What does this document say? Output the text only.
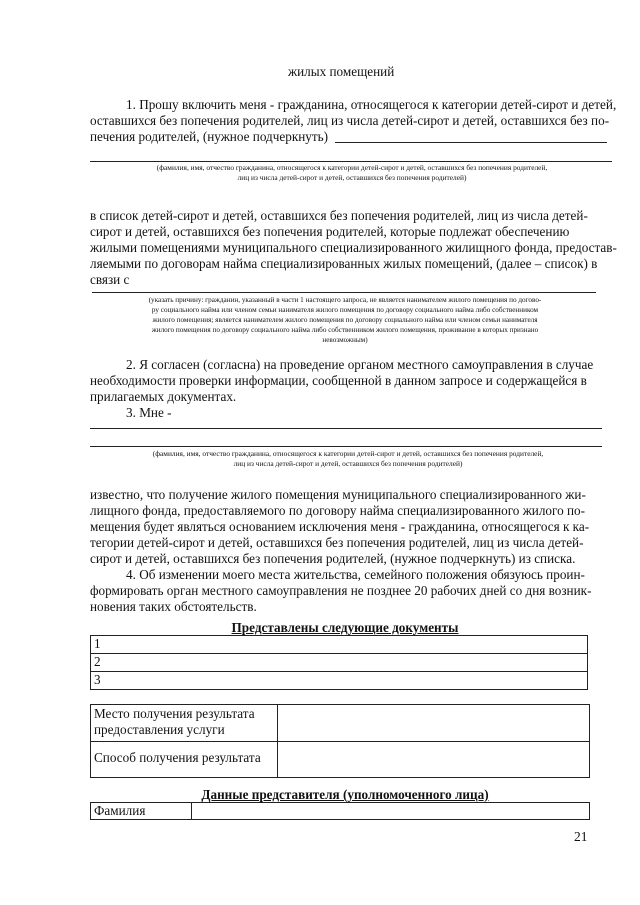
жилых помещений
1. Прошу включить меня - гражданина, относящегося к категории детей-сирот и детей,
оставшихся без попечения родителей, лиц из числа детей-сирот и детей, оставшихся без по-
печения родителей, (нужное подчеркнуть)
(фамилия, имя, отчество гражданина, относящегося к категории детей-сирот и детей, оставшихся без попечения родителей,
лиц из числа детей-сирот и детей, оставшихся без попечения родителей)
в список детей-сирот и детей, оставшихся без попечения родителей, лиц из числа детей-
сирот и детей, оставшихся без попечения родителей, которые подлежат обеспечению
жилыми помещениями муниципального специализированного жилищного фонда, предостав-
ляемыми по договорам найма специализированных жилых помещений, (далее – список) в
связи с
(указать причину: гражданин, указанный в части 1 настоящего запроса, не является нанимателем жилого помещения по догово-
ру социального найма или членом семьи нанимателя жилого помещения по договору социального найма либо собственником
жилого помещения; является нанимателем жилого помещения по договору социального найма или членом семьи нанимателя
жилого помещения по договору социального найма либо собственником жилого помещения, проживание в которых признано
невозможным)
2. Я согласен (согласна) на проведение органом местного самоуправления в случае
необходимости проверки информации, сообщенной в данном запросе и содержащейся в
прилагаемых документах.
3. Мне -
(фамилия, имя, отчество гражданина, относящегося к категории детей-сирот и детей, оставшихся без попечения родителей,
лиц из числа детей-сирот и детей, оставшихся без попечения родителей)
известно, что получение жилого помещения муниципального специализированного жи-
лищного фонда, предоставляемого по договору найма специализированного жилого по-
мещения будет являться основанием исключения меня - гражданина, относящегося к ка-
тегории детей-сирот и детей, оставшихся без попечения родителей, лиц из числа детей-
сирот и детей, оставшихся без попечения родителей, (нужное подчеркнуть) из списка.
4. Об изменении моего места жительства, семейного положения обязуюсь проин-
формировать орган местного самоуправления не позднее 20 рабочих дней со дня возник-
новения таких обстоятельств.
Представлены следующие документы
1
2
3
Место получения результата предоставления услуги	
Способ получения результата	
Данные представителя (уполномоченного лица)
Фамилия	
21
